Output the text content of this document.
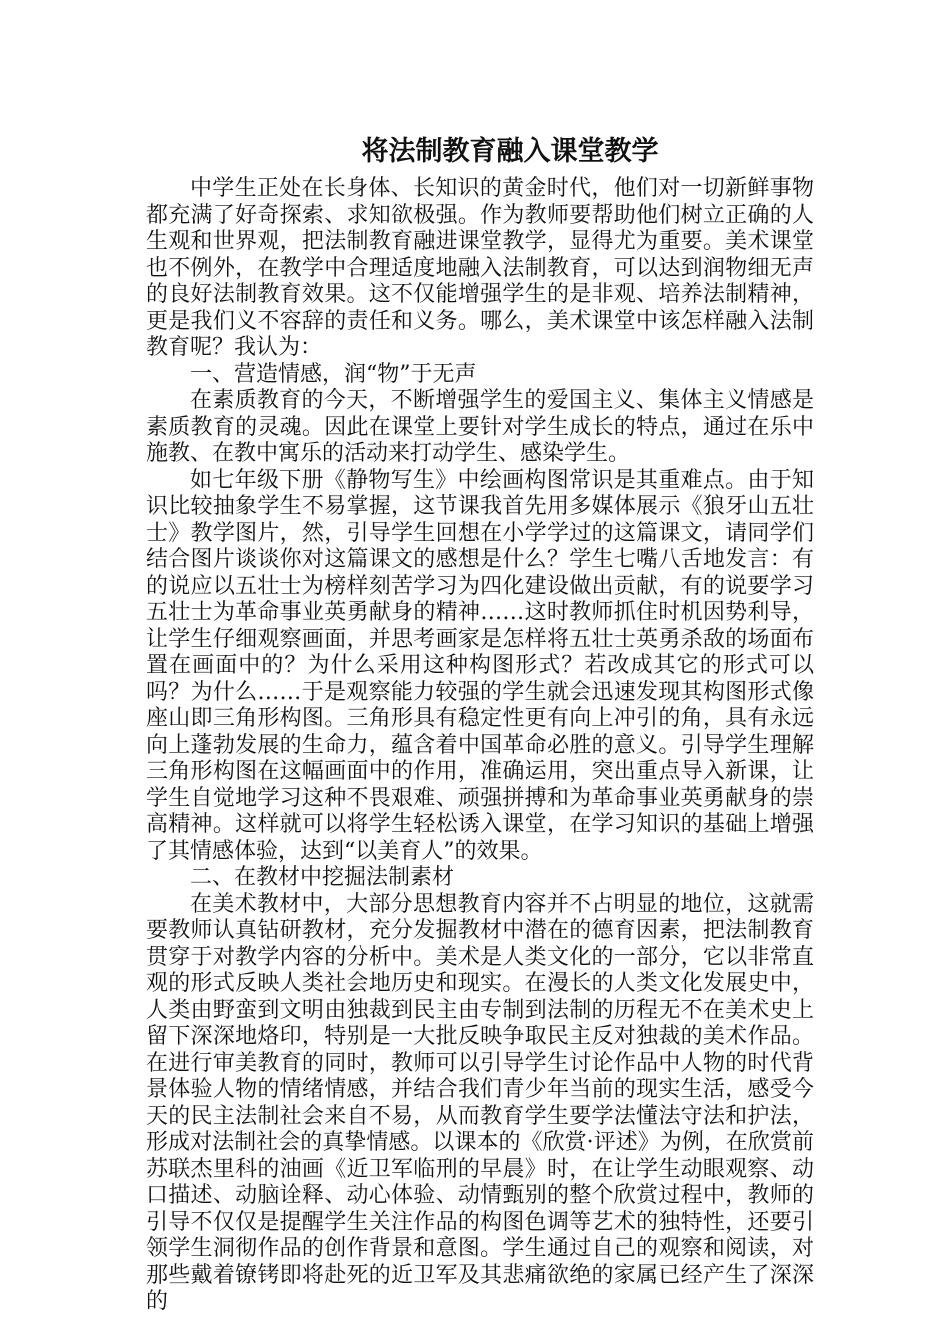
将法制教育融入课堂教学

中学生正处在长身体、长知识的黄金时代，他们对一切新鲜事物都充满了好奇探索、求知欲极强。作为教师要帮助他们树立正确的人生观和世界观，把法制教育融进课堂教学，显得尤为重要。美术课堂也不例外，在教学中合理适度地融入法制教育，可以达到润物细无声的良好法制教育效果。这不仅能增强学生的是非观、培养法制精神，更是我们义不容辞的责任和义务。哪么，美术课堂中该怎样融入法制教育呢？我认为：

一、营造情感，润“物”于无声

在素质教育的今天，不断增强学生的爱国主义、集体主义情感是素质教育的灵魂。因此在课堂上要针对学生成长的特点，通过在乐中施教、在教中寓乐的活动来打动学生、感染学生。

如七年级下册《静物写生》中绘画构图常识是其重难点。由于知识比较抽象学生不易掌握，这节课我首先用多媒体展示《狼牙山五壮士》教学图片，然，引导学生回想在小学学过的这篇课文，请同学们结合图片谈谈你对这篇课文的感想是什么？学生七嘴八舌地发言：有的说应以五壮士为榜样刻苦学习为四化建设做出贡献，有的说要学习五壮士为革命事业英勇献身的精神……这时教师抓住时机因势利导，让学生仔细观察画面，并思考画家是怎样将五壮士英勇杀敌的场面布置在画面中的？为什么采用这种构图形式？若改成其它的形式可以吗？为什么……于是观察能力较强的学生就会迅速发现其构图形式像座山即三角形构图。三角形具有稳定性更有向上冲引的角，具有永远向上蓬勃发展的生命力，蕴含着中国革命必胜的意义。引导学生理解三角形构图在这幅画面中的作用，准确运用，突出重点导入新课，让学生自觉地学习这种不畏艰难、顽强拼搏和为革命事业英勇献身的崇高精神。这样就可以将学生轻松诱入课堂，在学习知识的基础上增强了其情感体验，达到“以美育人”的效果。

二、在教材中挖掘法制素材

在美术教材中，大部分思想教育内容并不占明显的地位，这就需要教师认真钻研教材，充分发掘教材中潜在的德育因素，把法制教育贯穿于对教学内容的分析中。美术是人类文化的一部分，它以非常直观的形式反映人类社会地历史和现实。在漫长的人类文化发展史中，人类由野蛮到文明由独裁到民主由专制到法制的历程无不在美术史上留下深深地烙印，特别是一大批反映争取民主反对独裁的美术作品。在进行审美教育的同时，教师可以引导学生讨论作品中人物的时代背景体验人物的情绪情感，并结合我们青少年当前的现实生活，感受今天的民主法制社会来自不易，从而教育学生要学法懂法守法和护法，形成对法制社会的真挚情感。以课本的《欣赏·评述》为例，在欣赏前苏联杰里科的油画《近卫军临刑的早晨》时，在让学生动眼观察、动口描述、动脑诠释、动心体验、动情甄别的整个欣赏过程中，教师的引导不仅仅是提醒学生关注作品的构图色调等艺术的独特性，还要引领学生洞彻作品的创作背景和意图。学生通过自己的观察和阅读，对那些戴着镣铐即将赴死的近卫军及其悲痛欲绝的家属已经产生了深深的
